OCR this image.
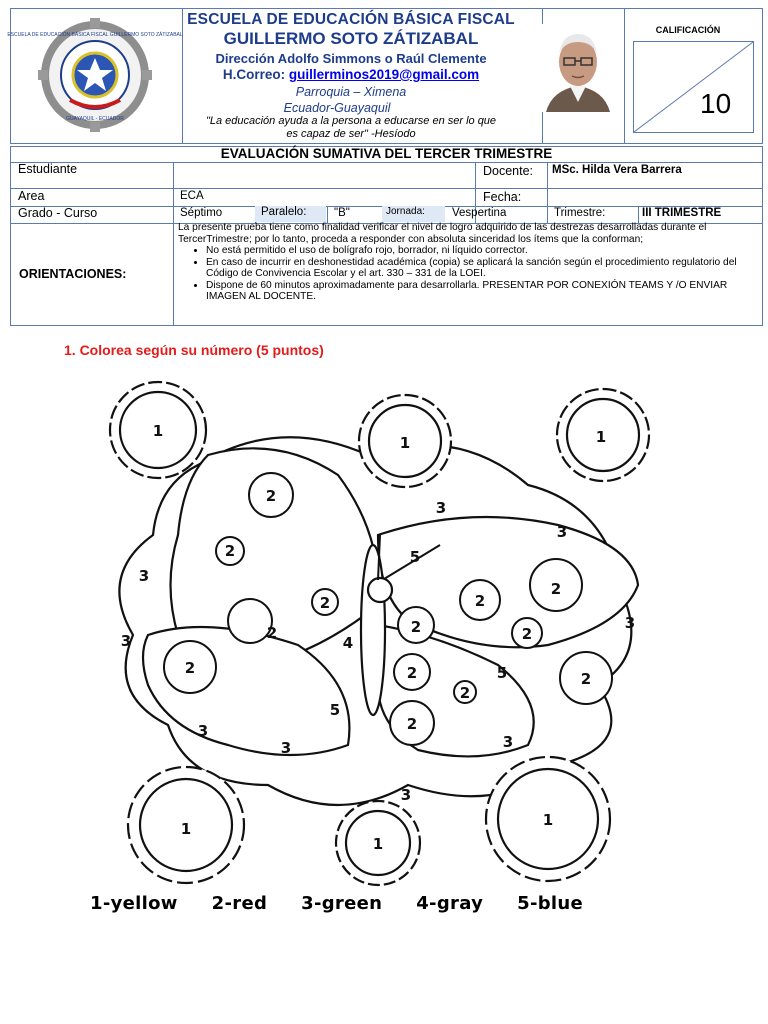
ESCUELA DE EDUCACIÓN BÁSICA FISCAL GUILLERMO SOTO ZÁTIZABAL
GUAYAQUIL - ECUADOR
ESCUELA DE EDUCACIÓN BÁSICA FISCAL
GUILLERMO SOTO ZÁTIZABAL
Dirección Adolfo Simmons o Raúl Clemente
H.Correo: guillerminos2019@gmail.com
Parroquia – Ximena
Ecuador-Guayaquil
"La educación ayuda a la persona a educarse en ser lo que
es capaz de ser" -Hesíodo
CALIFICACIÓN
10
EVALUACIÓN SUMATIVA DEL TERCER TRIMESTRE
Estudiante	Docente: MSc. Hilda Vera Barrera
Area	ECA	Fecha:
Grado - Curso	Séptimo	Paralelo:	"B"	Jornada:	Vespertina	Trimestre:	III TRIMESTRE
ORIENTACIONES:
La presente prueba tiene como finalidad verificar el nivel de logro adquirido de las destrezas desarrolladas durante el TercerTrimestre; por lo tanto, proceda a responder con absoluta sinceridad los ítems que la conforman;
• No está permitido el uso de bolígrafo rojo, borrador, ni líquido corrector.
• En caso de incurrir en deshonestidad académica (copia) se aplicará la sanción según el procedimiento regulatorio del Código de Convivencia Escolar y el art. 330 – 331 de la LOEI.
• Dispone de 60 minutos aproximadamente para desarrollarla. PRESENTAR POR CONEXIÓN TEAMS Y /O ENVIAR IMAGEN AL DOCENTE.
1. Colorea según su número (5 puntos)
1
1	1
1
1
1
2
2
2
2
2
2
2	2
2
2
2
2
2
3
3
3
3
3
3
3	3
3
4
5
5
5
1-yellow 2-red 3-green 4-gray 5-blue
